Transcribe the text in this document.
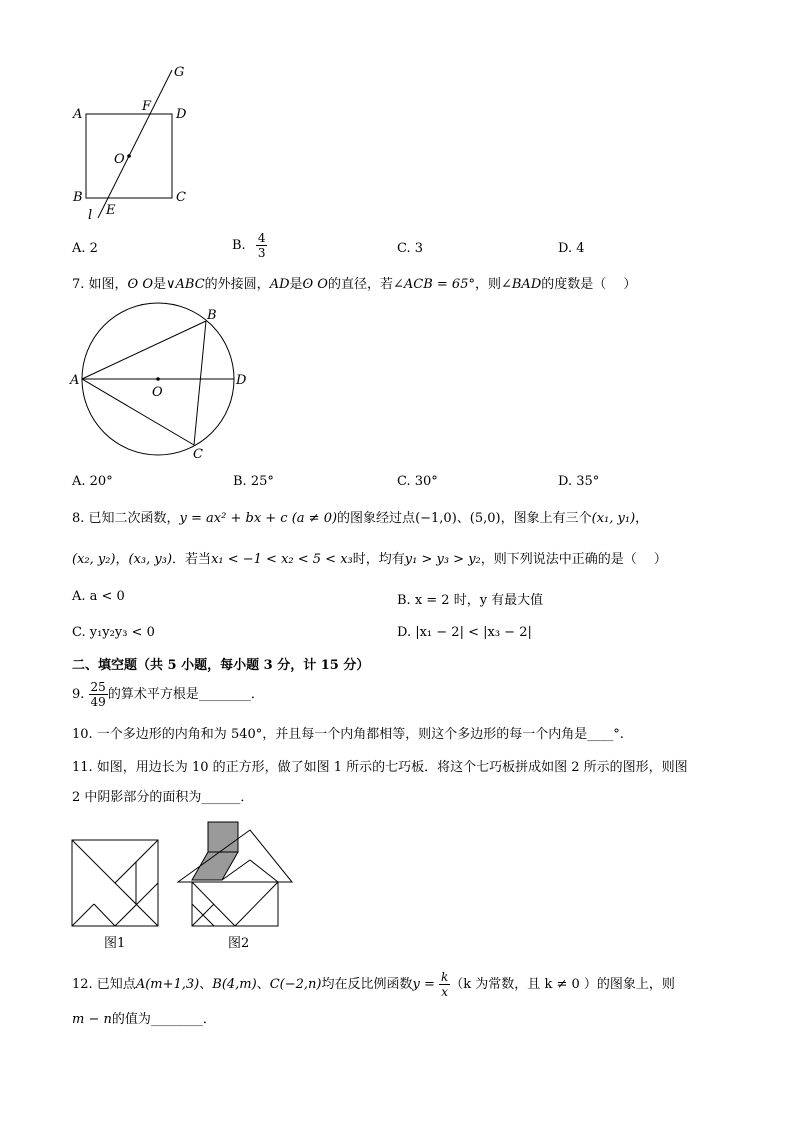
A
B	C
D
E
F
G
O
l
A. 2	B. $\frac{4}{3}$	C. 3	D. 4
7. 如图，ʘ O是∨ABC的外接圆，AD是ʘ O的直径，若∠ACB = 65°，则∠BAD的度数是（　 ）
A
B
C
D
O
A. 20°	B. 25°	C. 30°	D. 35°
8. 已知二次函数，y = ax² + bx + c (a ≠ 0)的图象经过点(−1,0)、(5,0)，图象上有三个(x₁, y₁)，
(x₂, y₂)，(x₃, y₃)．若当x₁ < −1 < x₂ < 5 < x₃时，均有y₁ > y₃ > y₂，则下列说法中正确的是（　 ）
A. a < 0	B. x = 2 时，y 有最大值
C. y₁y₂y₃ < 0	D. |x₁ − 2| < |x₃ − 2|
二、填空题（共 5 小题，每小题 3 分，计 15 分）
9. $\frac{25}{49}$ 的算术平方根是________．
10. 一个多边形的内角和为 540°，并且每一个内角都相等，则这个多边形的每一个内角是____°.
11. 如图，用边长为 10 的正方形，做了如图 1 所示的七巧板．将这个七巧板拼成如图 2 所示的图形，则图
2 中阴影部分的面积为______．
图1	图2
12. 已知点A(m+1,3)、B(4,m)、C(−2,n)均在反比例函数$y = \frac{k}{x} (k$ 为常数，且 k ≠ 0 ）的图象上，则
m − n的值为________．
